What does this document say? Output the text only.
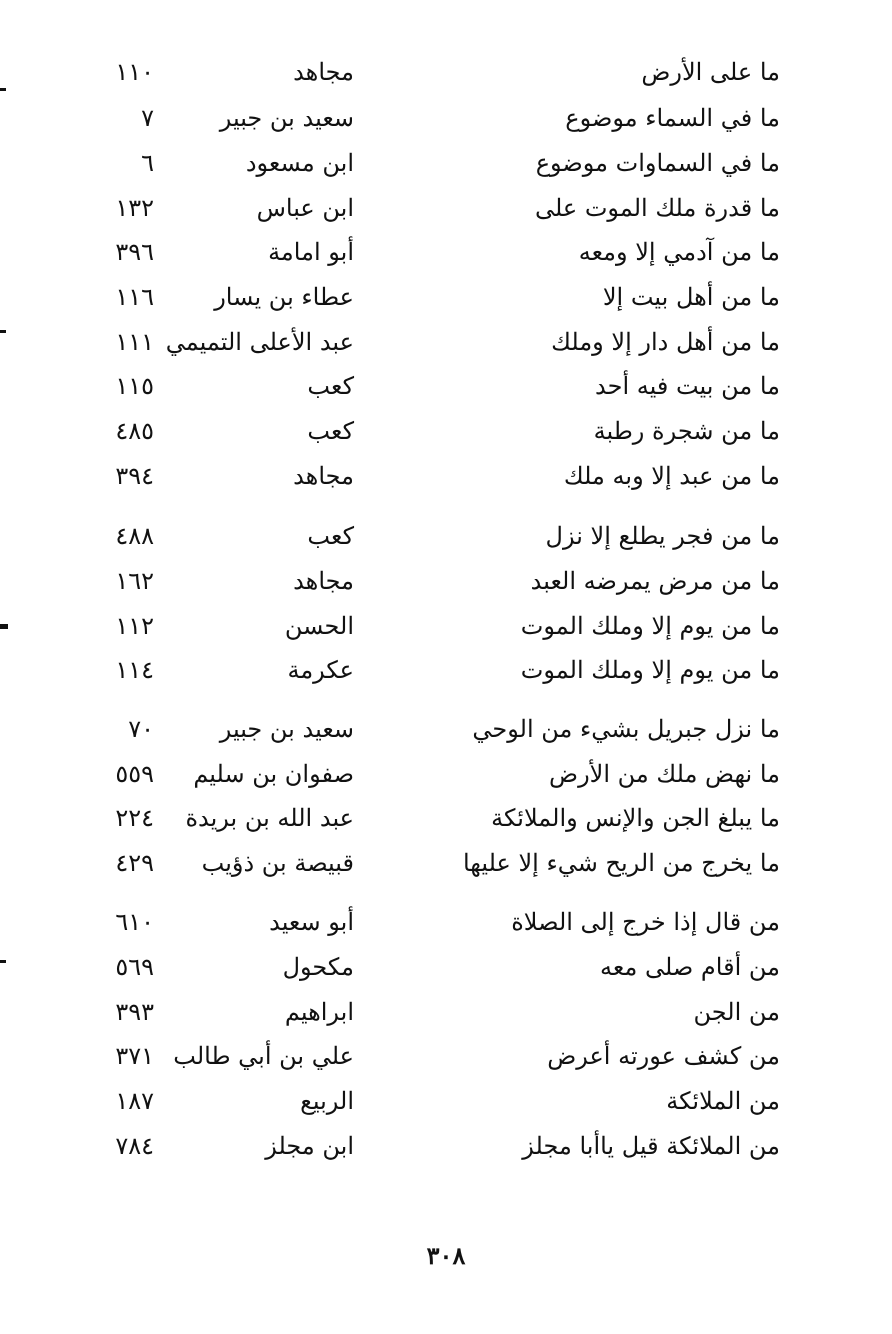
ما على الأرض
مجاهد
١١٠
ما في السماء موضوع
سعيد بن جبير
٧
ما في السماوات موضوع
ابن مسعود
٦
ما قدرة ملك الموت على
ابن عباس
١٣٢
ما من آدمي إلا ومعه
أبو امامة
٣٩٦
ما من أهل بيت إلا
عطاء بن يسار
١١٦
ما من أهل دار إلا وملك
عبد الأعلى التميمي
١١١
ما من بيت فيه أحد
كعب
١١٥
ما من شجرة رطبة
كعب
٤٨٥
ما من عبد إلا وبه ملك
مجاهد
٣٩٤
ما من فجر يطلع إلا نزل
كعب
٤٨٨
ما من مرض يمرضه العبد
مجاهد
١٦٢
ما من يوم إلا وملك الموت
الحسن
١١٢
ما من يوم إلا وملك الموت
عكرمة
١١٤
ما نزل جبريل بشيء من الوحي
سعيد بن جبير
٧٠
ما نهض ملك من الأرض
صفوان بن سليم
٥٥٩
ما يبلغ الجن والإنس والملائكة
عبد الله بن بريدة
٢٢٤
ما يخرج من الريح شيء إلا عليها
قبيصة بن ذؤيب
٤٢٩
من قال إذا خرج إلى الصلاة
أبو سعيد
٦١٠
من أقام صلى معه
مكحول
٥٦٩
من الجن
ابراهيم
٣٩٣
من كشف عورته أعرض
علي بن أبي طالب
٣٧١
من الملائكة
الربيع
١٨٧
من الملائكة قيل ياأبا مجلز
ابن مجلز
٧٨٤
٣٠٨
